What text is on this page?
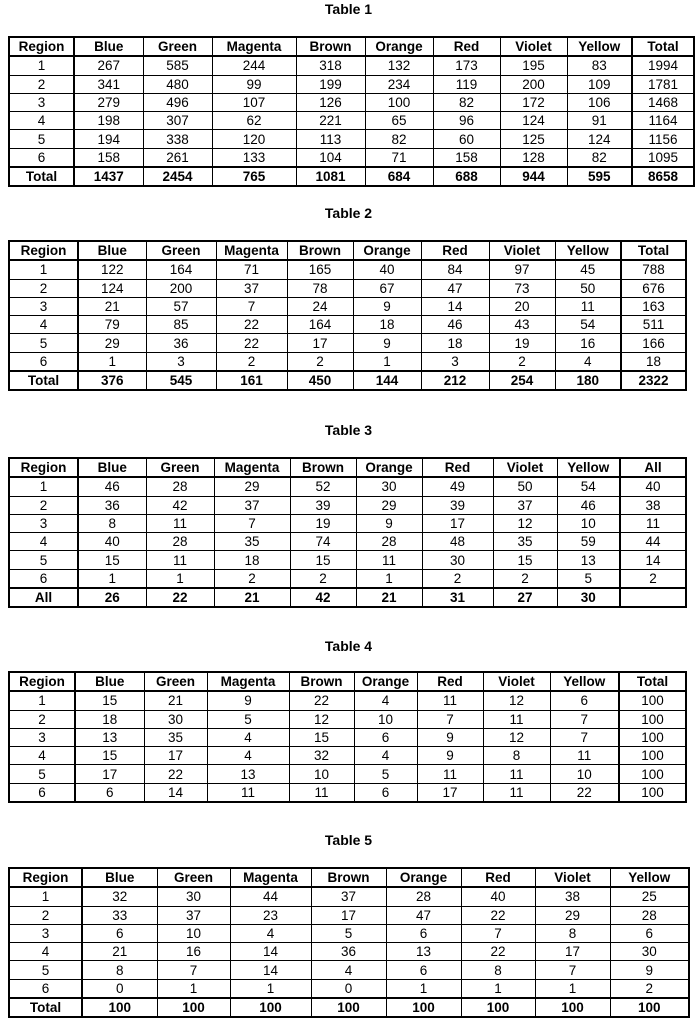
Table 1
Region	Blue	Green	Magenta	Brown	Orange	Red	Violet	Yellow	Total
1	267	585	244	318	132	173	195	83	1994
2	341	480	99	199	234	119	200	109	1781
3	279	496	107	126	100	82	172	106	1468
4	198	307	62	221	65	96	124	91	1164
5	194	338	120	113	82	60	125	124	1156
6	158	261	133	104	71	158	128	82	1095
Total	1437	2454	765	1081	684	688	944	595	8658
Table 2
Region	Blue	Green	Magenta	Brown	Orange	Red	Violet	Yellow	Total
1	122	164	71	165	40	84	97	45	788
2	124	200	37	78	67	47	73	50	676
3	21	57	7	24	9	14	20	11	163
4	79	85	22	164	18	46	43	54	511
5	29	36	22	17	9	18	19	16	166
6	1	3	2	2	1	3	2	4	18
Total	376	545	161	450	144	212	254	180	2322
Table 3
Region	Blue	Green	Magenta	Brown	Orange	Red	Violet	Yellow	All
1	46	28	29	52	30	49	50	54	40
2	36	42	37	39	29	39	37	46	38
3	8	11	7	19	9	17	12	10	11
4	40	28	35	74	28	48	35	59	44
5	15	11	18	15	11	30	15	13	14
6	1	1	2	2	1	2	2	5	2
All	26	22	21	42	21	31	27	30	
Table 4
Region	Blue	Green	Magenta	Brown	Orange	Red	Violet	Yellow	Total
1	15	21	9	22	4	11	12	6	100
2	18	30	5	12	10	7	11	7	100
3	13	35	4	15	6	9	12	7	100
4	15	17	4	32	4	9	8	11	100
5	17	22	13	10	5	11	11	10	100
6	6	14	11	11	6	17	11	22	100
Table 5
Region	Blue	Green	Magenta	Brown	Orange	Red	Violet	Yellow
1	32	30	44	37	28	40	38	25
2	33	37	23	17	47	22	29	28
3	6	10	4	5	6	7	8	6
4	21	16	14	36	13	22	17	30
5	8	7	14	4	6	8	7	9
6	0	1	1	0	1	1	1	2
Total	100	100	100	100	100	100	100	100
